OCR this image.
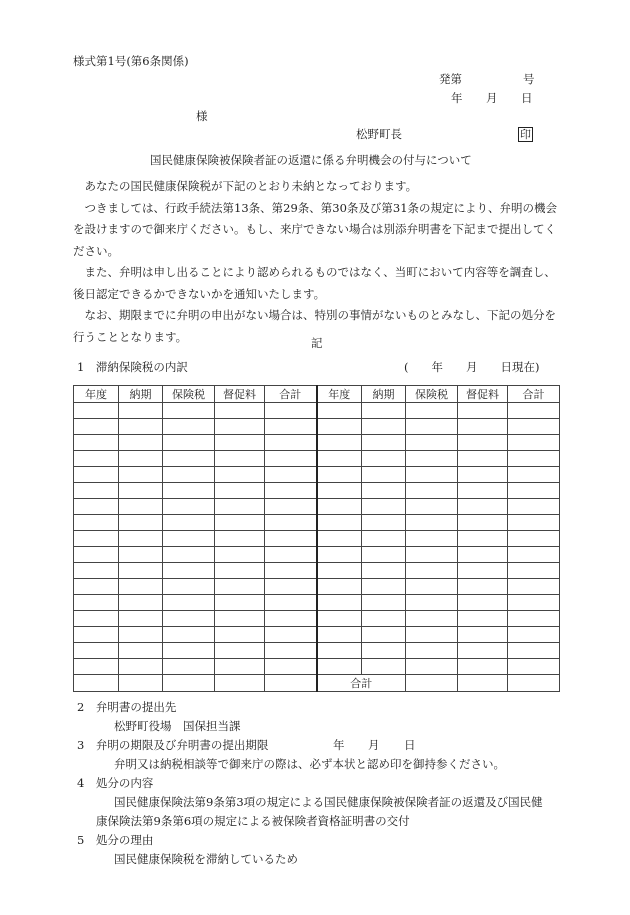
様式第1号(第6条関係)
発第	号
年 月 日
様
松野町長	印
国民健康保険被保険者証の返還に係る弁明機会の付与について

あなたの国民健康保険税が下記のとおり未納となっております。

つきましては、行政手続法第13条、第29条、第30条及び第31条の規定により、弁明の機会を設けますので御来庁ください。もし、来庁できない場合は別添弁明書を下記まで提出してください。

また、弁明は申し出ることにより認められるものではなく、当町において内容等を調査し、後日認定できるかできないかを通知いたします。

なお、期限までに弁明の申出がない場合は、特別の事情がないものとみなし、下記の処分を行うこととなります。	記
1　滞納保険税の内訳	(　　年　　月　　日現在)
年度	納期	保険税	督促料	合計	年度	納期	保険税	督促料	合計

					合計				
2　弁明書の提出先
松野町役場　国保担当課
3　弁明の期限及び弁明書の提出期限	年 月 日
弁明又は納税相談等で御来庁の際は、必ず本状と認め印を御持参ください。
4　処分の内容
国民健康保険法第9条第3項の規定による国民健康保険被保険者証の返還及び国民健
康保険法第9条第6項の規定による被保険者資格証明書の交付
5　処分の理由
国民健康保険税を滞納しているため
